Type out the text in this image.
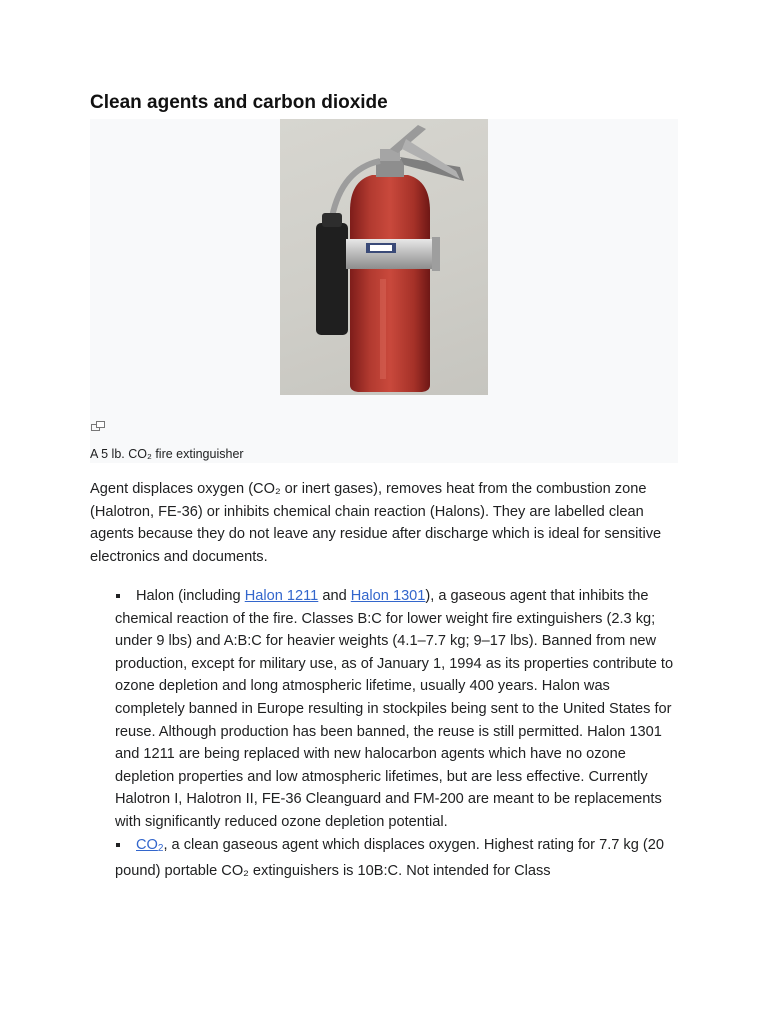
Clean agents and carbon dioxide
A 5 lb. CO₂ fire extinguisher

Agent displaces oxygen (CO₂ or inert gases), removes heat from the combustion zone (Halotron, FE-36) or inhibits chemical chain reaction (Halons). They are labelled clean agents because they do not leave any residue after discharge which is ideal for sensitive electronics and documents.

Halon (including Halon 1211 and Halon 1301), a gaseous agent that inhibits the chemical reaction of the fire. Classes B:C for lower weight fire extinguishers (2.3 kg; under 9 lbs) and A:B:C for heavier weights (4.1–7.7 kg; 9–17 lbs). Banned from new production, except for military use, as of January 1, 1994 as its properties contribute to ozone depletion and long atmospheric lifetime, usually 400 years. Halon was completely banned in Europe resulting in stockpiles being sent to the United States for reuse. Although production has been banned, the reuse is still permitted. Halon 1301 and 1211 are being replaced with new halocarbon agents which have no ozone depletion properties and low atmospheric lifetimes, but are less effective. Currently Halotron I, Halotron II, FE-36 Cleanguard and FM-200 are meant to be replacements with significantly reduced ozone depletion potential.
$CO_2$, a clean gaseous agent which displaces oxygen. Highest rating for 7.7 kg (20 pound) portable CO₂ extinguishers is 10B:C. Not intended for Class
